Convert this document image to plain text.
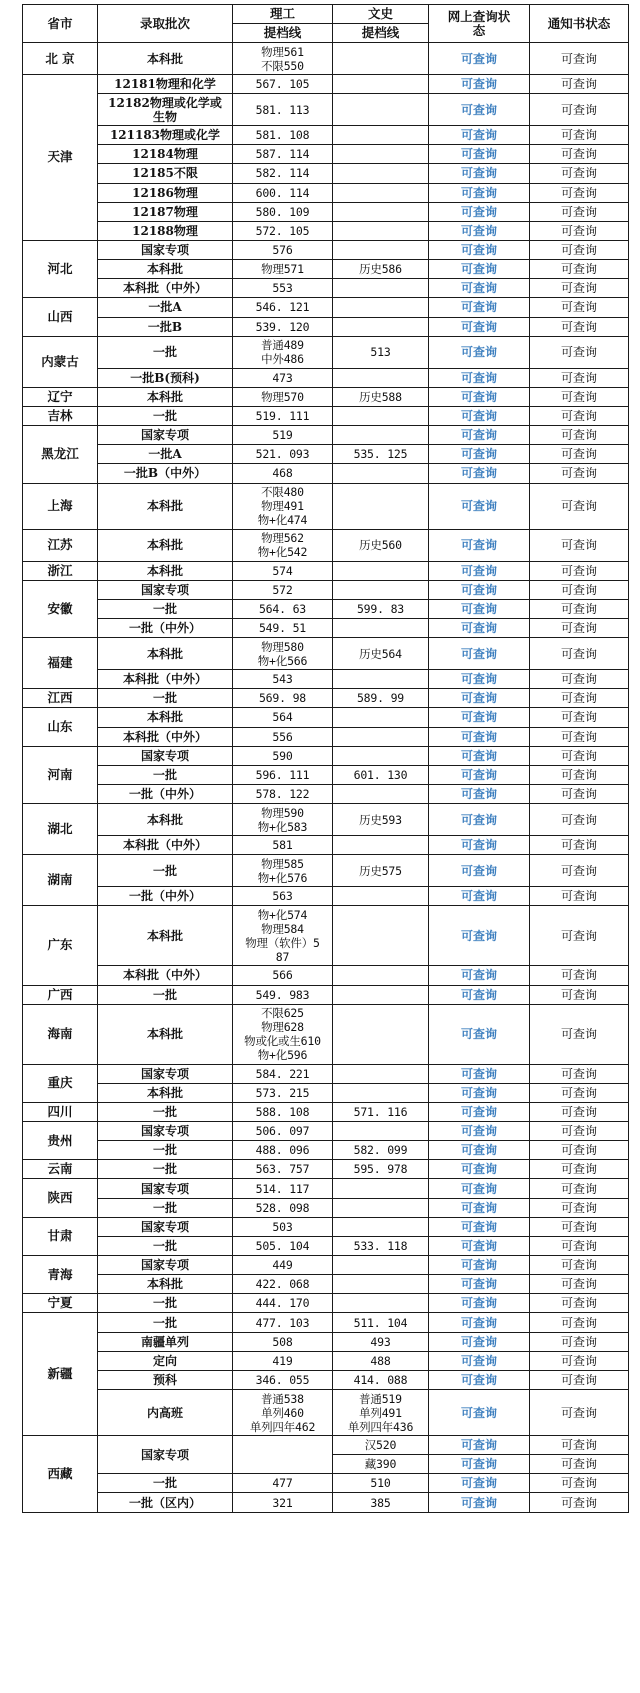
省市	录取批次	理工	文史	网上查询状
态	通知书状态
		提档线	提档线		
北 京	本科批	物理561
不限550		可查询	可查询
天津	12181物理和化学	567. 105		可查询	可查询
	12182物理或化学或
生物	581. 113		可查询	可查询
	121183物理或化学	581. 108		可查询	可查询
	12184物理	587. 114		可查询	可查询
	12185不限	582. 114		可查询	可查询
	12186物理	600. 114		可查询	可查询
	12187物理	580. 109		可查询	可查询
	12188物理	572. 105		可查询	可查询
河北	国家专项	576		可查询	可查询
	本科批	物理571	历史586	可查询	可查询
	本科批（中外）	553		可查询	可查询
山西	一批A	546. 121		可查询	可查询
	一批B	539. 120		可查询	可查询
内蒙古	一批	普通489
中外486	513	可查询	可查询
	一批B(预科)	473		可查询	可查询
辽宁	本科批	物理570	历史588	可查询	可查询
吉林	一批	519. 111		可查询	可查询
黑龙江	国家专项	519		可查询	可查询
	一批A	521. 093	535. 125	可查询	可查询
	一批B（中外）	468		可查询	可查询
上海	本科批	不限480
物理491
物+化474		可查询	可查询
江苏	本科批	物理562
物+化542	历史560	可查询	可查询
浙江	本科批	574		可查询	可查询
安徽	国家专项	572		可查询	可查询
	一批	564. 63	599. 83	可查询	可查询
	一批（中外）	549. 51		可查询	可查询
福建	本科批	物理580
物+化566	历史564	可查询	可查询
	本科批（中外）	543		可查询	可查询
江西	一批	569. 98	589. 99	可查询	可查询
山东	本科批	564		可查询	可查询
	本科批（中外）	556		可查询	可查询
河南	国家专项	590		可查询	可查询
	一批	596. 111	601. 130	可查询	可查询
	一批（中外）	578. 122		可查询	可查询
湖北	本科批	物理590
物+化583	历史593	可查询	可查询
	本科批（中外）	581		可查询	可查询
湖南	一批	物理585
物+化576	历史575	可查询	可查询
	一批（中外）	563		可查询	可查询
广东	本科批	物+化574
物理584
物理（软件）5
87		可查询	可查询
	本科批（中外）	566		可查询	可查询
广西	一批	549. 983		可查询	可查询
海南	本科批	不限625
物理628
物或化或生610
物+化596		可查询	可查询
重庆	国家专项	584. 221		可查询	可查询
	本科批	573. 215		可查询	可查询
四川	一批	588. 108	571. 116	可查询	可查询
贵州	国家专项	506. 097		可查询	可查询
	一批	488. 096	582. 099	可查询	可查询
云南	一批	563. 757	595. 978	可查询	可查询
陕西	国家专项	514. 117		可查询	可查询
	一批	528. 098		可查询	可查询
甘肃	国家专项	503		可查询	可查询
	一批	505. 104	533. 118	可查询	可查询
青海	国家专项	449		可查询	可查询
	本科批	422. 068		可查询	可查询
宁夏	一批	444. 170		可查询	可查询
新疆	一批	477. 103	511. 104	可查询	可查询
	南疆单列	508	493	可查询	可查询
	定向	419	488	可查询	可查询
	预科	346. 055	414. 088	可查询	可查询
	内高班	普通538
单列460
单列四年462	普通519
单列491
单列四年436	可查询	可查询
西藏	国家专项		汉520	可查询	可查询
			藏390	可查询	可查询
	一批	477	510	可查询	可查询
	一批（区内）	321	385	可查询	可查询
